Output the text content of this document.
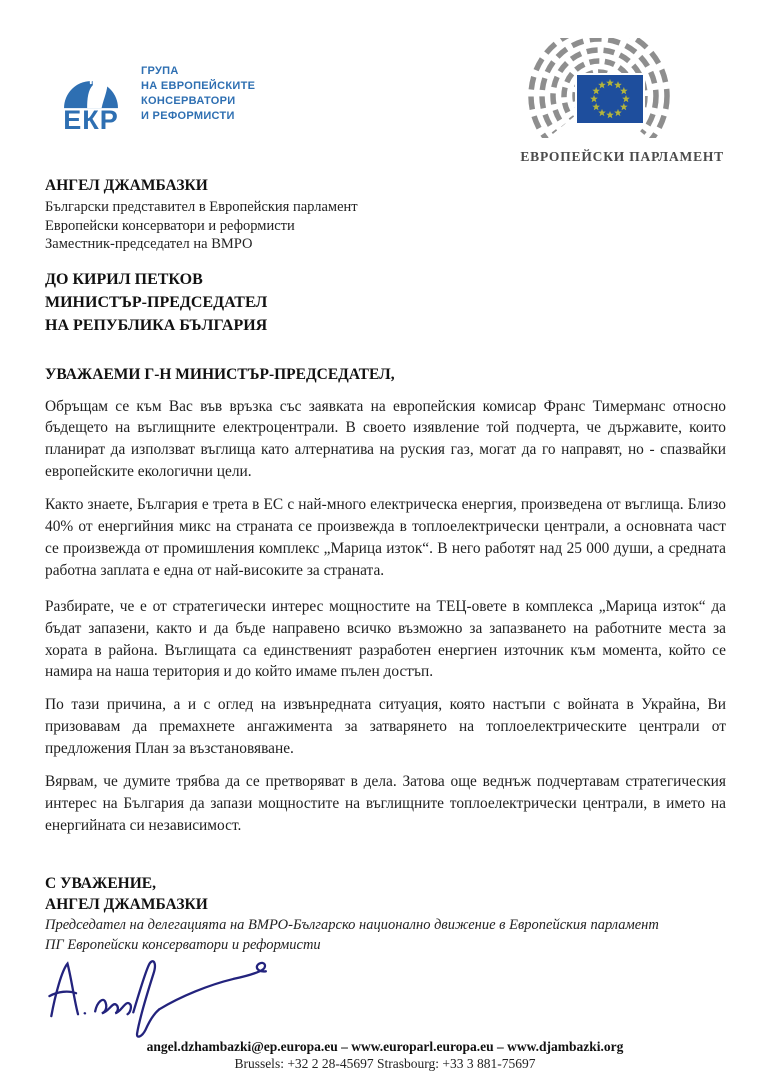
ЕКР
ГРУПА
НА ЕВРОПЕЙСКИТЕ
КОНСЕРВАТОРИ
И РЕФОРМИСТИ
ЕВРОПЕЙСКИ ПАРЛАМЕНТ
АНГЕЛ ДЖАМБАЗКИ
Български представител в Европейския парламент
Европейски консерватори и реформисти
Заместник-председател на ВМРО
ДО КИРИЛ ПЕТКОВ
МИНИСТЪР-ПРЕДСЕДАТЕЛ
НА РЕПУБЛИКА БЪЛГАРИЯ
УВАЖАЕМИ Г-Н МИНИСТЪР-ПРЕДСЕДАТЕЛ,

Обръщам се към Вас във връзка със заявката на европейския комисар Франс Тимерманс относно бъдещето на въглищните електроцентрали. В своето изявление той подчерта, че държавите, които планират да използват въглища като алтернатива на руския газ, могат да го направят, но - спазвайки европейските екологични цели.

Както знаете, България е трета в ЕС с най-много електрическа енергия, произведена от въглища. Близо 40% от енергийния микс на страната се произвежда в топлоелектрически централи, а основната част се произвежда от промишления комплекс „Марица изток“. В него работят над 25 000 души, а средната работна заплата е една от най-високите за страната.

Разбирате, че е от стратегически интерес мощностите на ТЕЦ-овете в комплекса „Марица изток“ да бъдат запазени, както и да бъде направено всичко възможно за запазването на работните места за хората в района. Въглищата са единственият разработен енергиен източник към момента, който се намира на наша територия и до който имаме пълен достъп.

По тази причина, а и с оглед на извънредната ситуация, която настъпи с войната в Украйна, Ви призовавам да премахнете ангажимента за затварянето на топлоелектрическите централи от предложения План за възстановяване.

Вярвам, че думите трябва да се претворяват в дела. Затова още веднъж подчертавам стратегическия интерес на България да запази мощностите на въглищните топлоелектрически централи, в името на енергийната си независимост.

С УВАЖЕНИЕ,
АНГЕЛ ДЖАМБАЗКИ
Председател на делегацията на ВМРО-Българско национално движение в Европейския парламент
ПГ Европейски консерватори и реформисти
angel.dzhambazki@ep.europa.eu – www.europarl.europa.eu – www.djambazki.org
Brussels: +32 2 28-45697 Strasbourg: +33 3 881-75697
